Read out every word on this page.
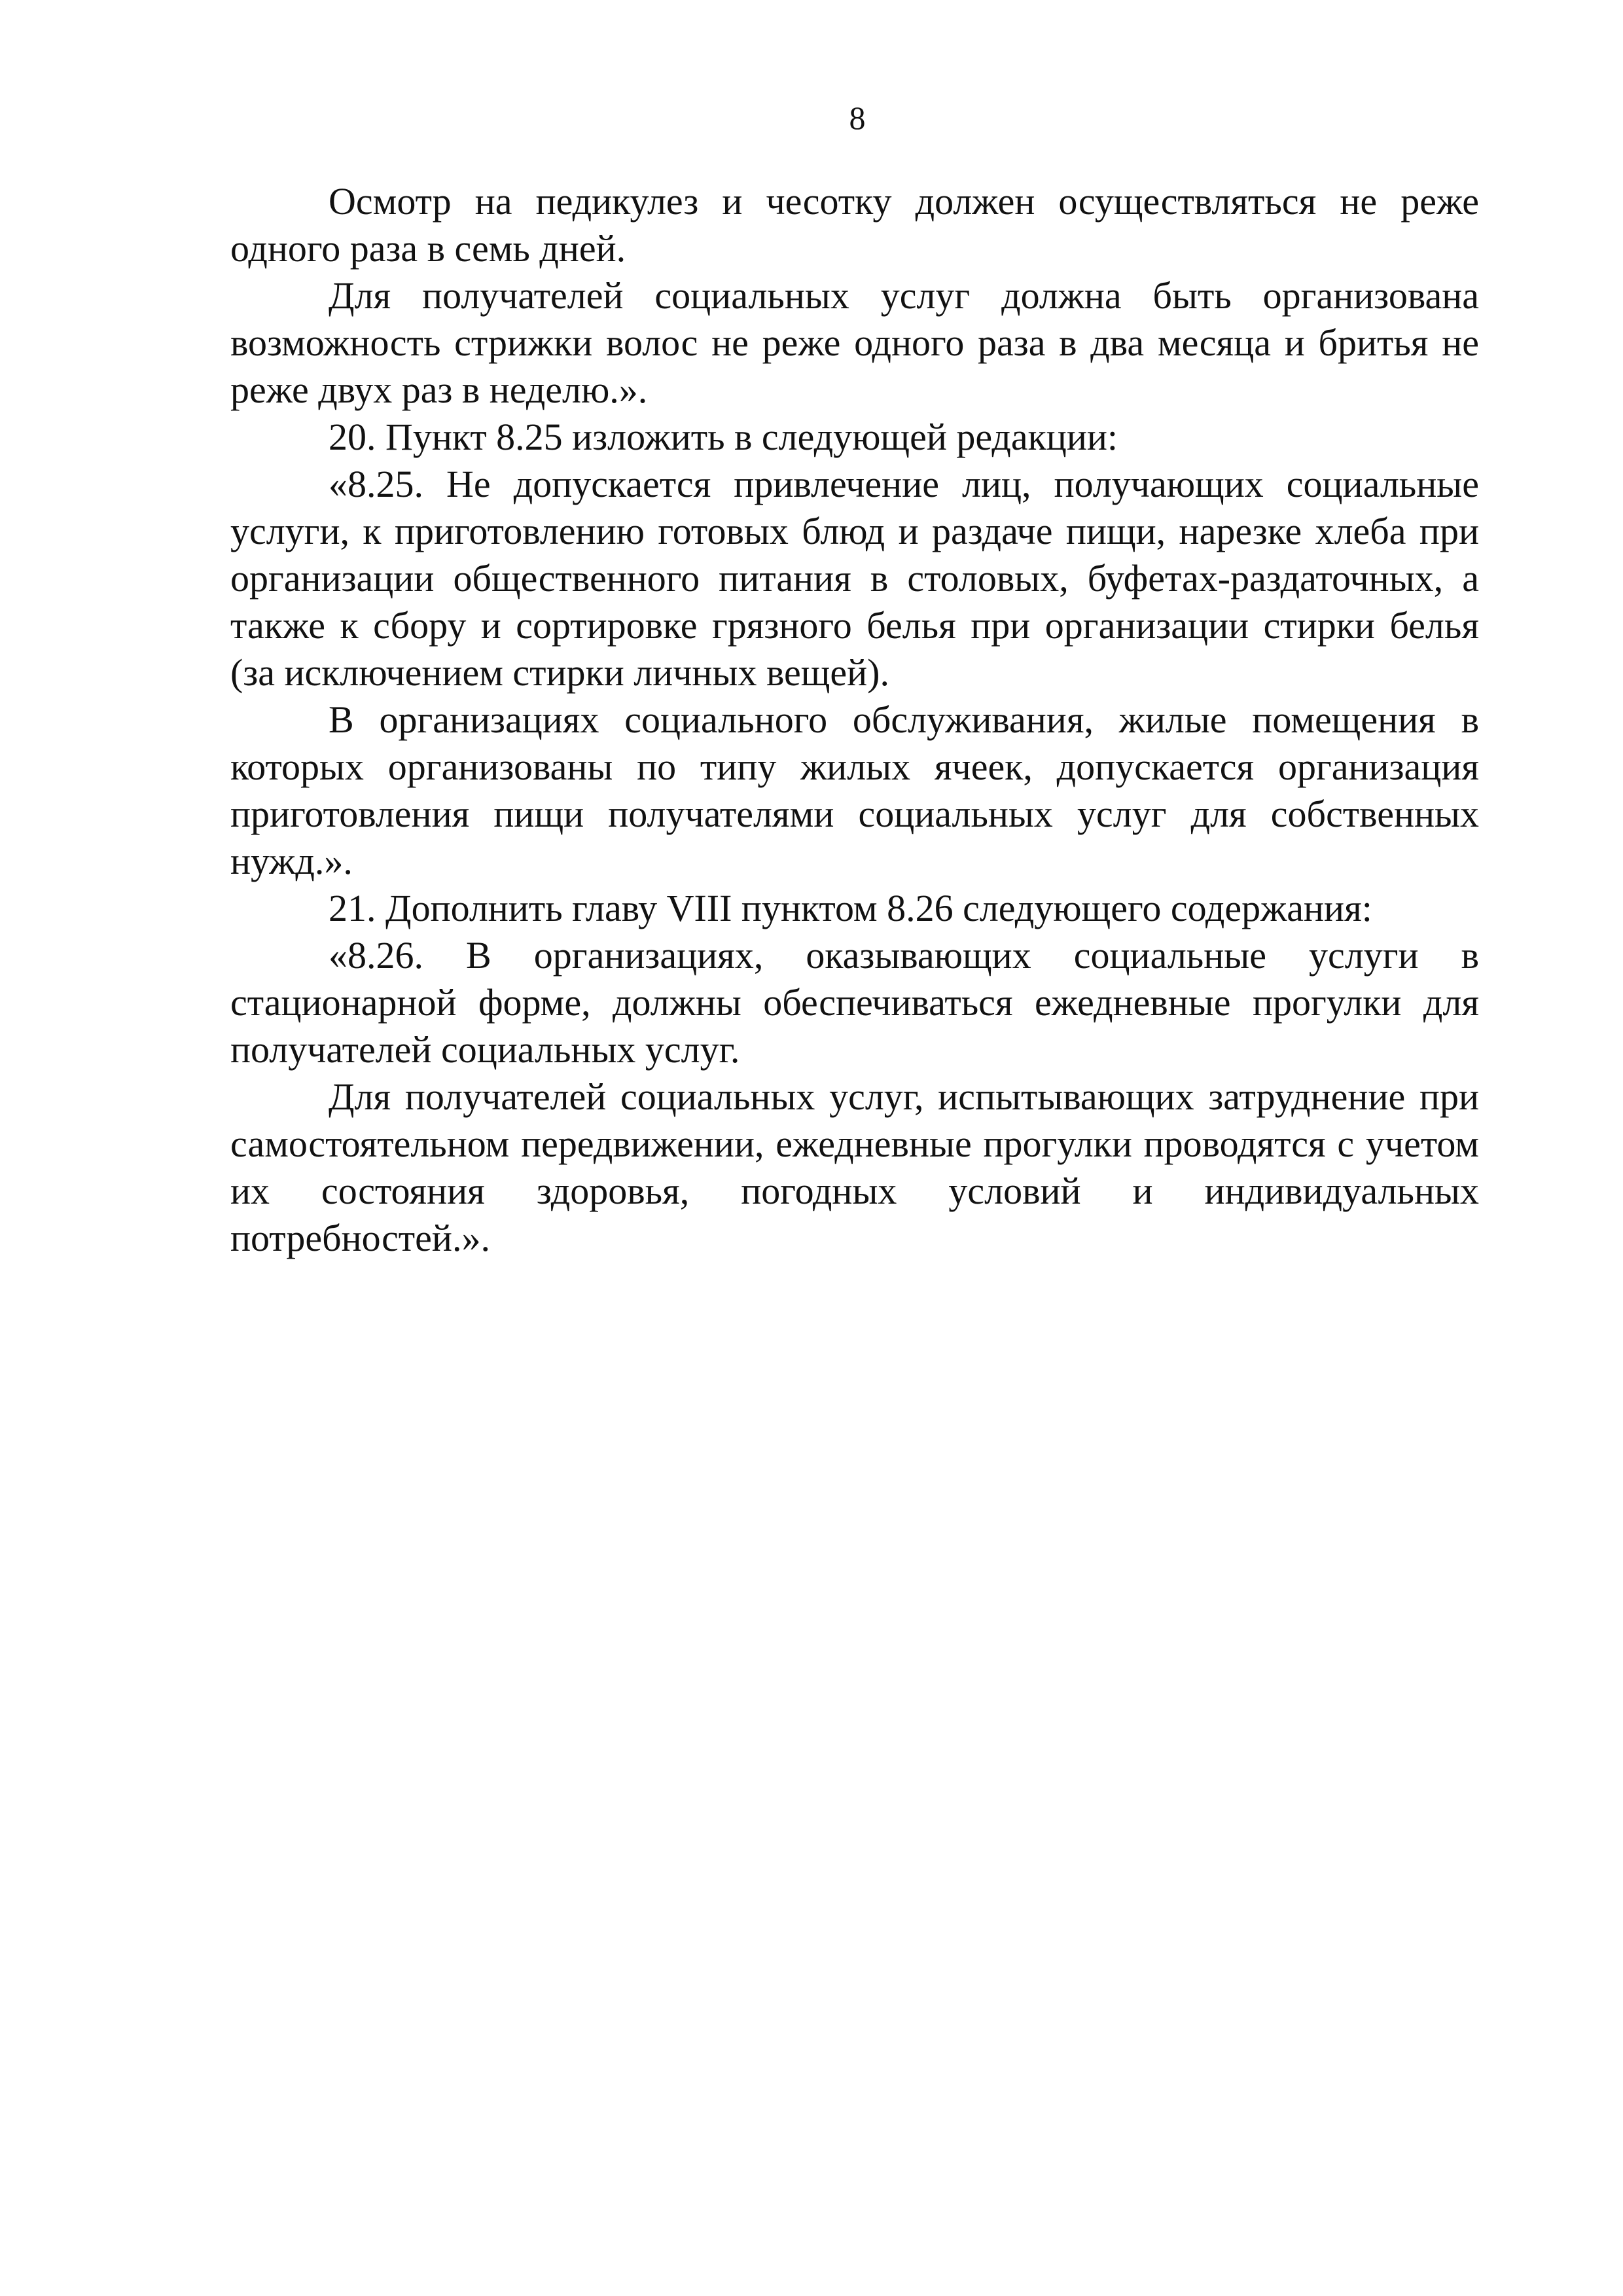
8

Осмотр на педикулез и чесотку должен осуществляться не реже одного раза в семь дней.

Для получателей социальных услуг должна быть организована возможность стрижки волос не реже одного раза в два месяца и бритья не реже двух раз в неделю.».

20. Пункт 8.25 изложить в следующей редакции:

«8.25. Не допускается привлечение лиц, получающих социальные услуги, к приготовлению готовых блюд и раздаче пищи, нарезке хлеба при организации общественного питания в столовых, буфетах-раздаточных, а также к сбору и сортировке грязного белья при организации стирки белья (за исключением стирки личных вещей).

В организациях социального обслуживания, жилые помещения в которых организованы по типу жилых ячеек, допускается организация приготовления пищи получателями социальных услуг для собственных нужд.».

21. Дополнить главу VIII пунктом 8.26 следующего содержания:

«8.26. В организациях, оказывающих социальные услуги в стационарной форме, должны обеспечиваться ежедневные прогулки для получателей социальных услуг.

Для получателей социальных услуг, испытывающих затруднение при самостоятельном передвижении, ежедневные прогулки проводятся с учетом их состояния здоровья, погодных условий и индивидуальных потребностей.».
